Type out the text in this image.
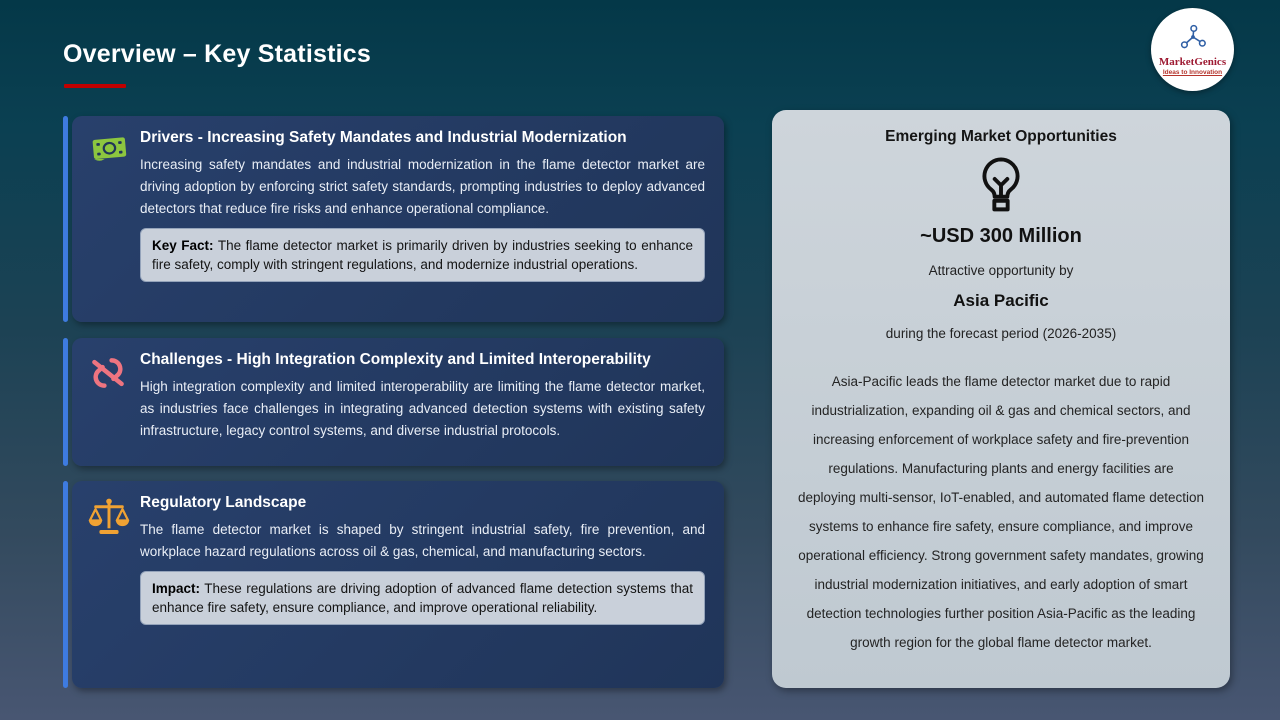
Overview – Key Statistics	MarketGenics
Ideas to Innovation
Drivers - Increasing Safety Mandates and Industrial Modernization
Increasing safety mandates and industrial modernization in the flame detector market are driving adoption by enforcing strict safety standards, prompting industries to deploy advanced detectors that reduce fire risks and enhance operational compliance.
Key Fact: The flame detector market is primarily driven by industries seeking to enhance fire safety, comply with stringent regulations, and modernize industrial operations.
Challenges - High Integration Complexity and Limited Interoperability
High integration complexity and limited interoperability are limiting the flame detector market, as industries face challenges in integrating advanced detection systems with existing safety infrastructure, legacy control systems, and diverse industrial protocols.
Regulatory Landscape
The flame detector market is shaped by stringent industrial safety, fire prevention, and workplace hazard regulations across oil & gas, chemical, and manufacturing sectors.
Impact: These regulations are driving adoption of advanced flame detection systems that enhance fire safety, ensure compliance, and improve operational reliability.
Emerging Market Opportunities
~USD 300 Million
Attractive opportunity by
Asia Pacific
during the forecast period (2026-2035)
Asia-Pacific leads the flame detector market due to rapid industrialization, expanding oil & gas and chemical sectors, and increasing enforcement of workplace safety and fire-prevention regulations. Manufacturing plants and energy facilities are deploying multi-sensor, IoT-enabled, and automated flame detection systems to enhance fire safety, ensure compliance, and improve operational efficiency. Strong government safety mandates, growing industrial modernization initiatives, and early adoption of smart detection technologies further position Asia-Pacific as the leading growth region for the global flame detector market.
